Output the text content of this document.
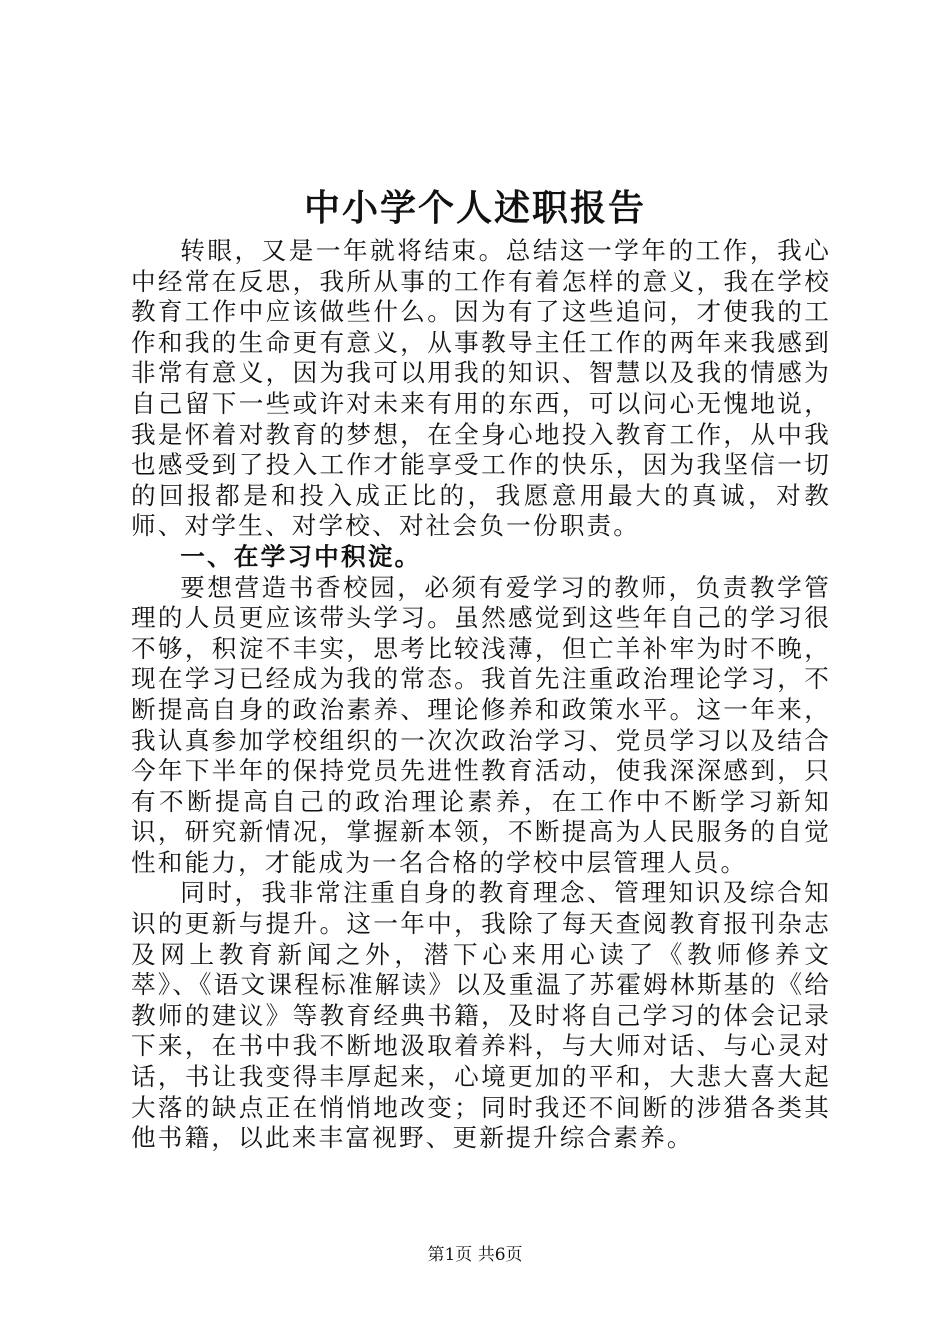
中小学个人述职报告

转眼，又是一年就将结束。总结这一学年的工作，我心中经常在反思，我所从事的工作有着怎样的意义，我在学校教育工作中应该做些什么。因为有了这些追问，才使我的工作和我的生命更有意义，从事教导主任工作的两年来我感到非常有意义，因为我可以用我的知识、智慧以及我的情感为自己留下一些或许对未来有用的东西，可以问心无愧地说，我是怀着对教育的梦想，在全身心地投入教育工作，从中我也感受到了投入工作才能享受工作的快乐，因为我坚信一切的回报都是和投入成正比的，我愿意用最大的真诚，对教师、对学生、对学校、对社会负一份职责。

一、在学习中积淀。

要想营造书香校园，必须有爱学习的教师，负责教学管理的人员更应该带头学习。虽然感觉到这些年自己的学习很不够，积淀不丰实，思考比较浅薄，但亡羊补牢为时不晚，现在学习已经成为我的常态。我首先注重政治理论学习，不断提高自身的政治素养、理论修养和政策水平。这一年来，我认真参加学校组织的一次次政治学习、党员学习以及结合今年下半年的保持党员先进性教育活动，使我深深感到，只有不断提高自己的政治理论素养，在工作中不断学习新知识，研究新情况，掌握新本领，不断提高为人民服务的自觉性和能力，才能成为一名合格的学校中层管理人员。

同时，我非常注重自身的教育理念、管理知识及综合知识的更新与提升。这一年中，我除了每天查阅教育报刊杂志及网上教育新闻之外，潜下心来用心读了《教师修养文萃》、《语文课程标准解读》以及重温了苏霍姆林斯基的《给教师的建议》等教育经典书籍，及时将自己学习的体会记录下来，在书中我不断地汲取着养料，与大师对话、与心灵对话，书让我变得丰厚起来，心境更加的平和，大悲大喜大起大落的缺点正在悄悄地改变；同时我还不间断的涉猎各类其他书籍，以此来丰富视野、更新提升综合素养。

第1页 共6页
